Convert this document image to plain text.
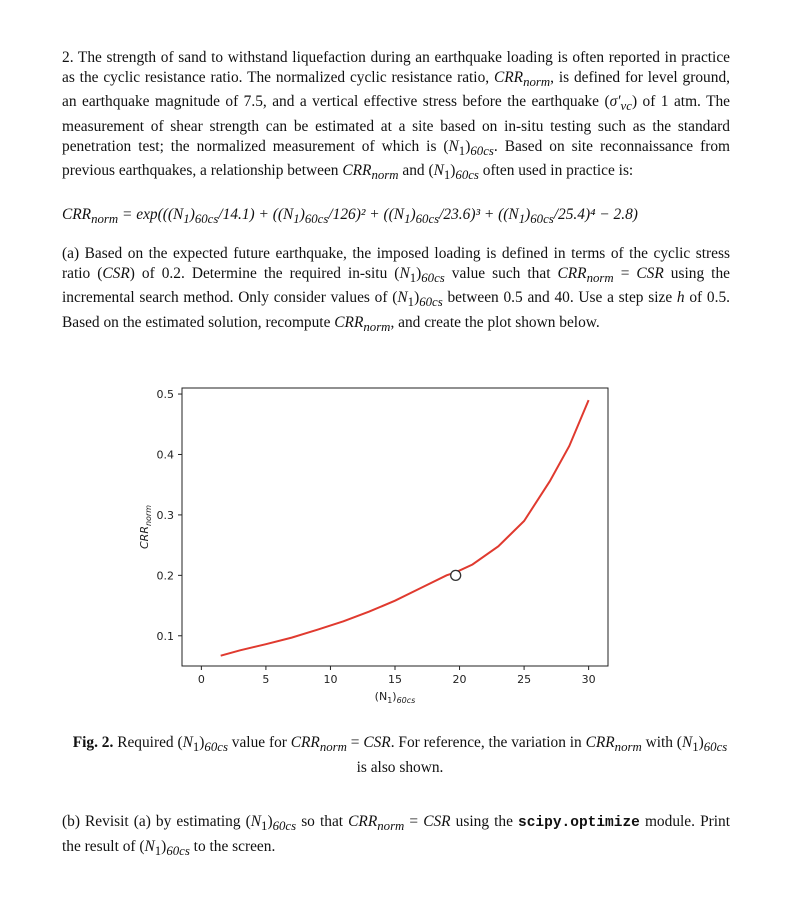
2. The strength of sand to withstand liquefaction during an earthquake loading is often reported in practice as the cyclic resistance ratio. The normalized cyclic resistance ratio, $CRR_{norm}$, is defined for level ground, an earthquake magnitude of 7.5, and a vertical effective stress before the earthquake $(\sigma'_{vc})$ of 1 atm. The measurement of shear strength can be estimated at a site based on in-situ testing such as the standard penetration test; the normalized measurement of which is $(N_1)_{60cs}$. Based on site reconnaissance from previous earthquakes, a relationship between $CRR_{norm}$ and $(N_1)_{60cs}$ often used in practice is:

$CRR_{norm} = \exp(((N_1)_{60cs}/14.1) + ((N_1)_{60cs}/126)^2 + ((N_1)_{60cs}/23.6)^3 + ((N_1)_{60cs}/25.4)^4 - 2.8)$

(a) Based on the expected future earthquake, the imposed loading is defined in terms of the cyclic stress ratio (CSR) of 0.2. Determine the required in-situ $(N_1)_{60cs}$ value such that $CRR_{norm}$ = CSR using the incremental search method. Only consider values of $(N_1)_{60cs}$ between 0.5 and 40. Use a step size h of 0.5. Based on the estimated solution, recompute $CRR_{norm}$, and create the plot shown below.

0	5	10	15	20	25	30
0.1
0.2
0.3
0.4
0.5
$(N_1)_{60cs}$
$CRR_{norm}$
Fig. 2. Required $(N_1)_{60cs}$ value for $CRR_{norm}$ = CSR. For reference, the variation in $CRR_{norm}$ with $(N_1)_{60cs}$ is also shown.

(b) Revisit (a) by estimating $(N_1)_{60cs}$ so that $CRR_{norm}$ = CSR using the scipy.optimize module. Print the result of $(N_1)_{60cs}$ to the screen.
